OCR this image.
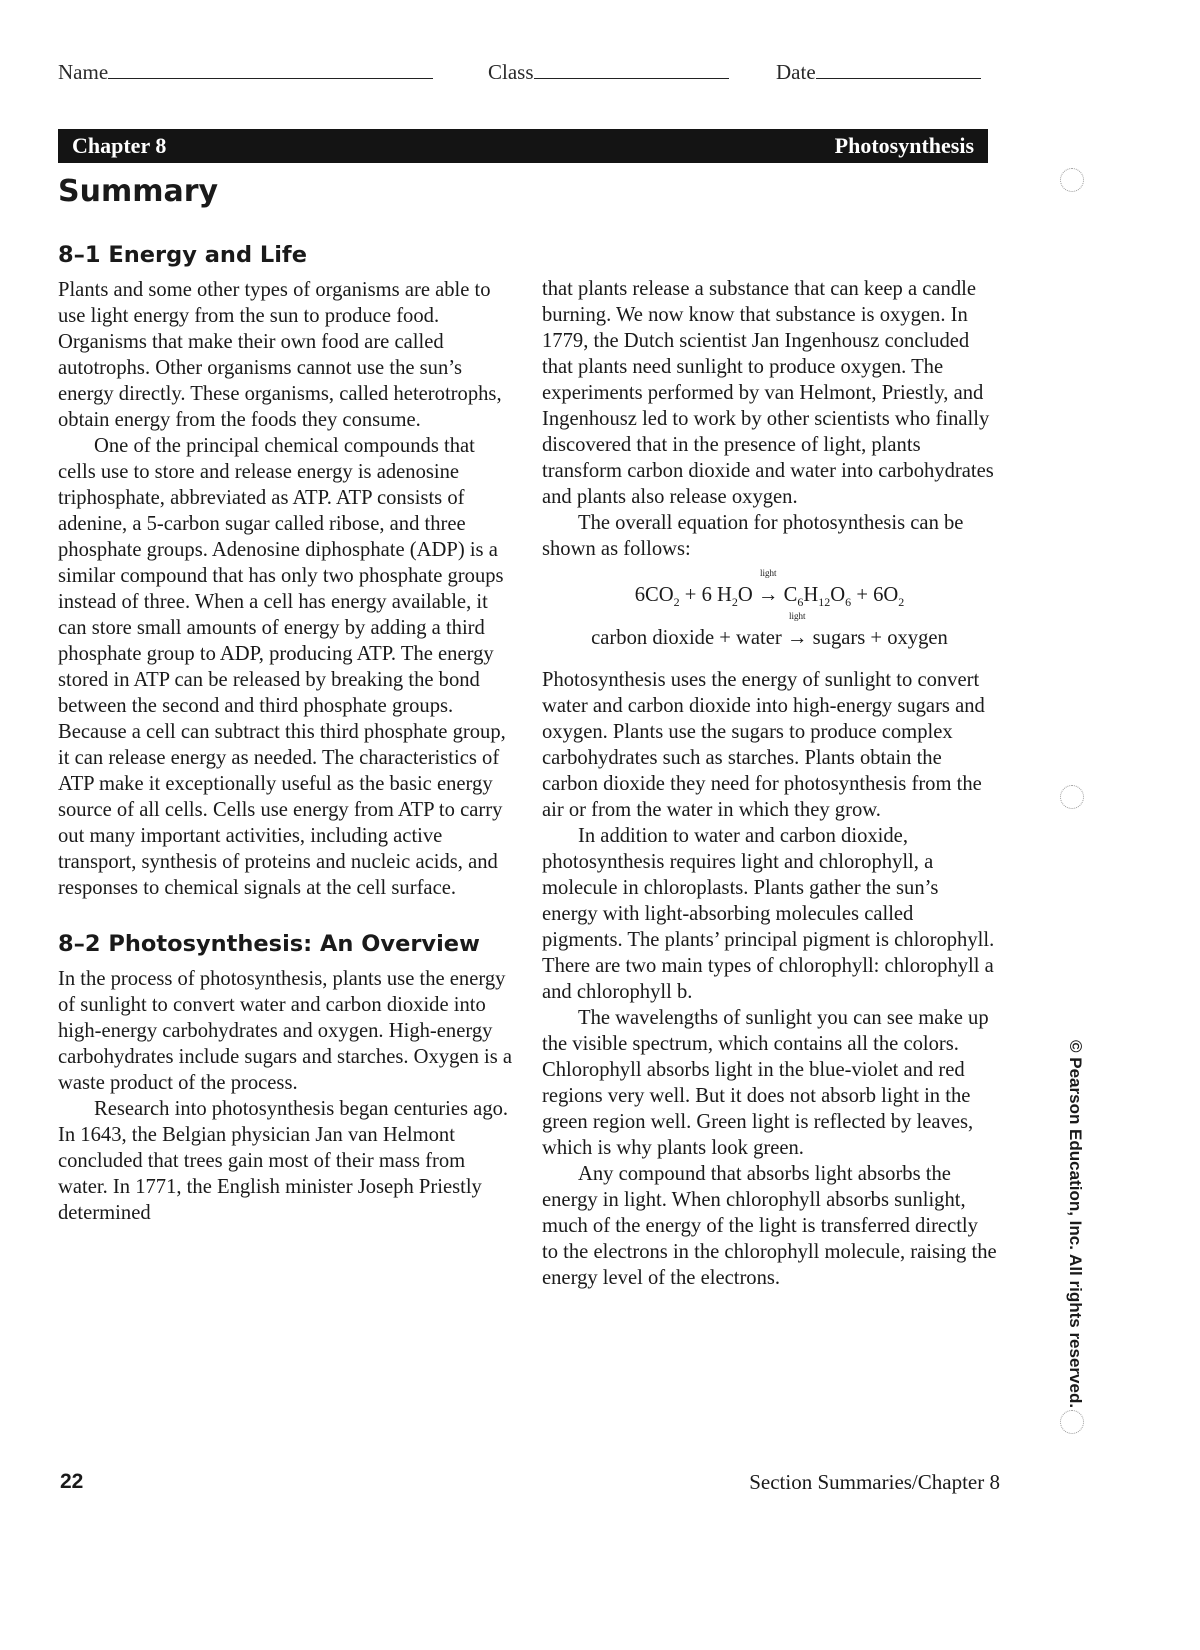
Name	Class	Date
Chapter 8	Photosynthesis
Summary
8–1 Energy and Life

Plants and some other types of organisms are able to use light energy from the sun to produce food. Organisms that make their own food are called autotrophs. Other organisms cannot use the sun’s energy directly. These organisms, called heterotrophs, obtain energy from the foods they consume.

One of the principal chemical compounds that cells use to store and release energy is adenosine triphosphate, abbreviated as ATP. ATP consists of adenine, a 5-carbon sugar called ribose, and three phosphate groups. Adenosine diphosphate (ADP) is a similar compound that has only two phosphate groups instead of three. When a cell has energy available, it can store small amounts of energy by adding a third phosphate group to ADP, producing ATP. The energy stored in ATP can be released by breaking the bond between the second and third phosphate groups. Because a cell can subtract this third phosphate group, it can release energy as needed. The characteristics of ATP make it exceptionally useful as the basic energy source of all cells. Cells use energy from ATP to carry out many important activities, including active transport, synthesis of proteins and nucleic acids, and responses to chemical signals at the cell surface.

8–2 Photosynthesis: An Overview

In the process of photosynthesis, plants use the energy of sunlight to convert water and carbon dioxide into high-energy carbohydrates and oxygen. High-energy carbohydrates include sugars and starches. Oxygen is a waste product of the process.

Research into photosynthesis began centuries ago. In 1643, the Belgian physician Jan van Helmont concluded that trees gain most of their mass from water. In 1771, the English minister Joseph Priestly determined

that plants release a substance that can keep a candle burning. We now know that substance is oxygen. In 1779, the Dutch scientist Jan Ingenhousz concluded that plants need sunlight to produce oxygen. The experiments performed by van Helmont, Priestly, and Ingenhousz led to work by other scientists who finally discovered that in the presence of light, plants transform carbon dioxide and water into carbohydrates and plants also release oxygen.

The overall equation for photosynthesis can be shown as follows:

$6CO_2 + 6$ $H_2O$
light
→ $C_6H_{12}O_6 + 6O_2$
carbon dioxide + water
light
→ sugars + oxygen

Photosynthesis uses the energy of sunlight to convert water and carbon dioxide into high-energy sugars and oxygen. Plants use the sugars to produce complex carbohydrates such as starches. Plants obtain the carbon dioxide they need for photosynthesis from the air or from the water in which they grow.

In addition to water and carbon dioxide, photosynthesis requires light and chlorophyll, a molecule in chloroplasts. Plants gather the sun’s energy with light-absorbing molecules called pigments. The plants’ principal pigment is chlorophyll. There are two main types of chlorophyll: chlorophyll a and chlorophyll b.

The wavelengths of sunlight you can see make up the visible spectrum, which contains all the colors. Chlorophyll absorbs light in the blue-violet and red regions very well. But it does not absorb light in the green region well. Green light is reflected by leaves, which is why plants look green.

Any compound that absorbs light absorbs the energy in light. When chlorophyll absorbs sunlight, much of the energy of the light is transferred directly to the electrons in the chlorophyll molecule, raising the energy level of the electrons.

22	Section Summaries/Chapter 8
© Pearson Education, Inc. All rights reserved.
